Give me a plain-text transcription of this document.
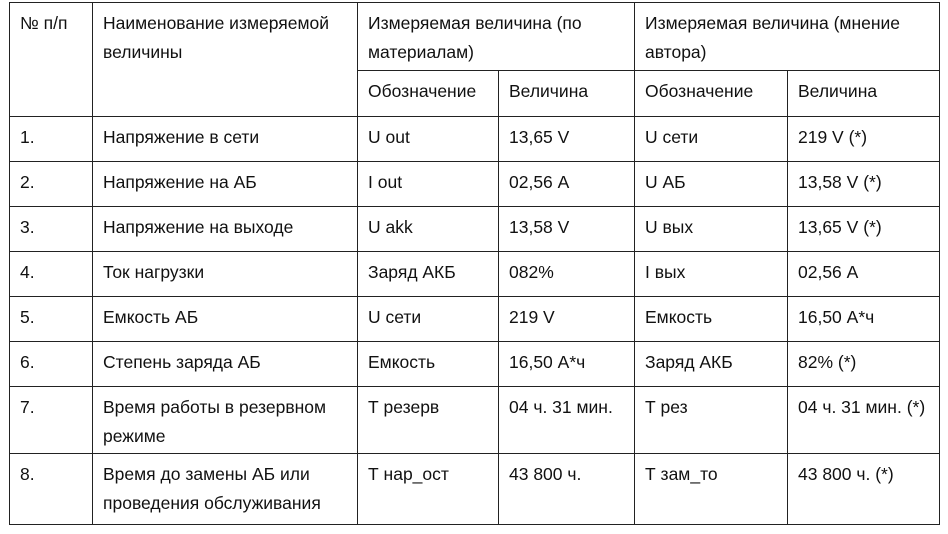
№ п/п	Наименование измеряемой величины	Измеряемая величина (по материалам)		Измеряемая величина (мнение автора)	
		Обозначение	Величина	Обозначение	Величина
1.	Напряжение в сети	U out	13,65 V	U сети	219 V (*)
2.	Напряжение на АБ	I out	02,56 А	U АБ	13,58 V (*)
3.	Напряжение на выходе	U akk	13,58 V	U вых	13,65 V (*)
4.	Ток нагрузки	Заряд АКБ	082%	I вых	02,56 А
5.	Емкость АБ	U сети	219 V	Емкость	16,50 А*ч
6.	Степень заряда АБ	Емкость	16,50 А*ч	Заряд АКБ	82% (*)
7.	Время работы в резервном режиме	Т резерв	04 ч. 31 мин.	Т рез	04 ч. 31 мин. (*)
8.	Время до замены АБ или проведения обслуживания	Т нар_ост	43 800 ч.	Т зам_то	43 800 ч. (*)
